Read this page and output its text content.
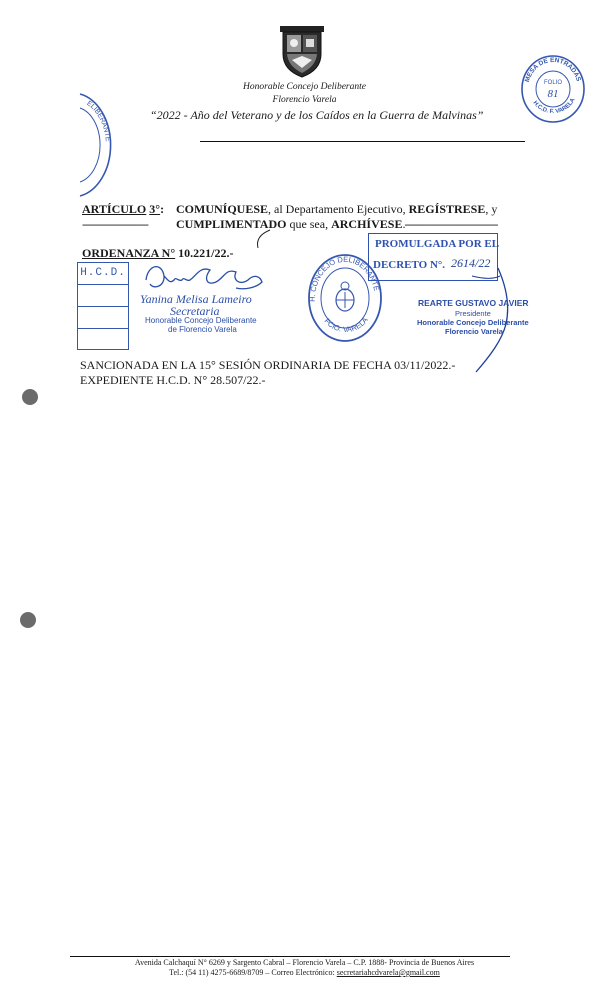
Honorable Concejo Deliberante
Florencio Varela
“2022 - Año del Veterano y de los Caídos en la Guerra de Malvinas”
MESA DE ENTRADAS
H.C.D. F. VARELA
FOLIO
81
ELIBERANTE
ARTÍCULO 3°: COMUNÍQUESE, al Departamento Ejecutivo, REGÍSTRESE, y
---------------------- CUMPLIMENTADO que sea, ARCHÍVESE.-------------------------------
ORDENANZA N° 10.221/22.-
H.C.D.
Yanina Melisa Lameiro
Secretaria
Honorable Concejo Deliberante
de Florencio Varela
H. CONCEJO DELIBERANTE
FCIO. VARELA
PROMULGADA POR EL
DECRETO N°. 2614/22
REARTE GUSTAVO JAVIER
Presidente
Honorable Concejo Deliberante
Florencio Varela
SANCIONADA EN LA 15° SESIÓN ORDINARIA DE FECHA 03/11/2022.-
EXPEDIENTE H.C.D. N° 28.507/22.-
Avenida Calchaquí N° 6269 y Sargento Cabral – Florencio Varela – C.P. 1888- Provincia de Buenos Aires
Tel.: (54 11) 4275-6689/8709 – Correo Electrónico: secretariahcdvarela@gmail.com
